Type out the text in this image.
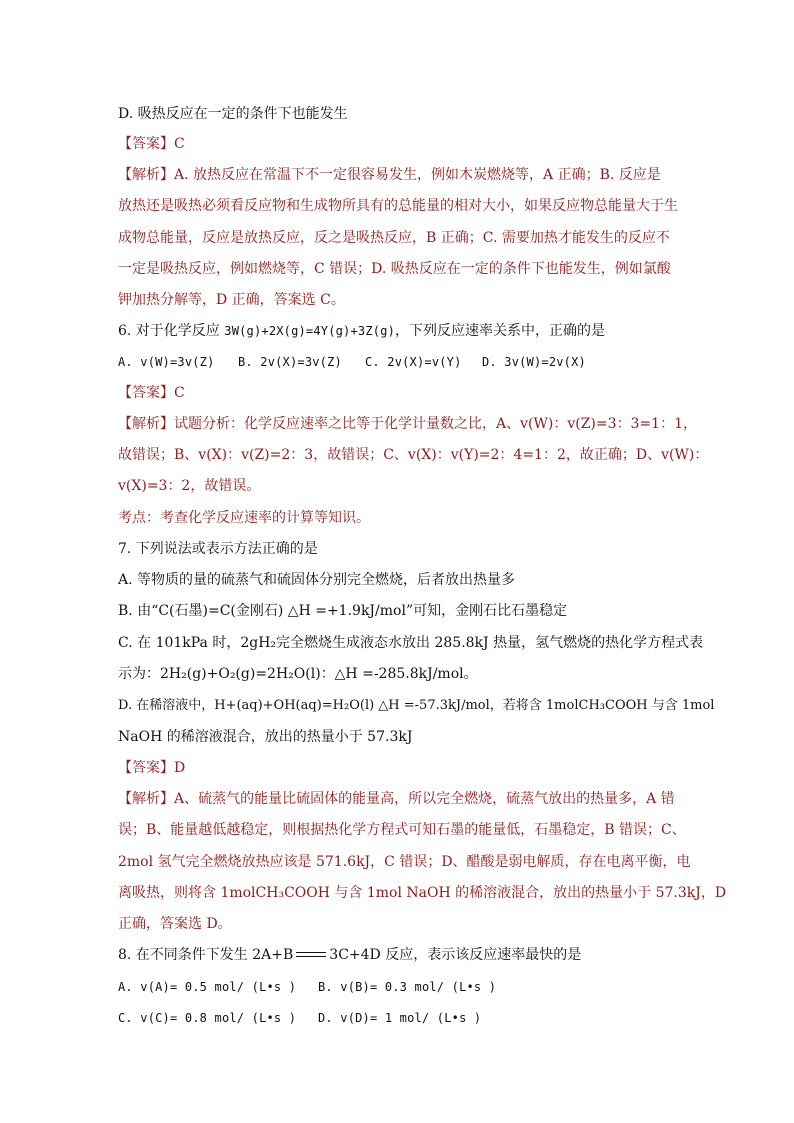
D. 吸热反应在一定的条件下也能发生
【答案】C
【解析】A. 放热反应在常温下不一定很容易发生，例如木炭燃烧等，A 正确；B. 反应是
放热还是吸热必须看反应物和生成物所具有的总能量的相对大小，如果反应物总能量大于生
成物总能量，反应是放热反应，反之是吸热反应，B 正确；C. 需要加热才能发生的反应不
一定是吸热反应，例如燃烧等，C 错误；D. 吸热反应在一定的条件下也能发生，例如氯酸
钾加热分解等，D 正确，答案选 C。
6. 对于化学反应 3W(g)+2X(g)=4Y(g)+3Z(g)，下列反应速率关系中，正确的是
A. v(W)=3v(Z) B. 2v(X)=3v(Z) C. 2v(X)=v(Y) D. 3v(W)=2v(X)
【答案】C
【解析】试题分析：化学反应速率之比等于化学计量数之比，A、v(W)：v(Z)=3：3=1：1，
故错误；B、v(X)：v(Z)=2：3，故错误；C、v(X)：v(Y)=2：4=1：2，故正确；D、v(W)：
v(X)=3：2，故错误。
考点：考查化学反应速率的计算等知识。
7. 下列说法或表示方法正确的是
A. 等物质的量的硫蒸气和硫固体分别完全燃烧，后者放出热量多
B. 由“C(石墨)=C(金刚石) △H =+1.9kJ/mol”可知，金刚石比石墨稳定
C. 在 101kPa 时，2gH₂完全燃烧生成液态水放出 285.8kJ 热量，氢气燃烧的热化学方程式表
示为：2H₂(g)+O₂(g)=2H₂O(l)：△H =-285.8kJ/mol。
D. 在稀溶液中，H+(aq)+OH(aq)=H₂O(l) △H =-57.3kJ/mol，若将含 1molCH₃COOH 与含 1mol
NaOH 的稀溶液混合，放出的热量小于 57.3kJ
【答案】D
【解析】A、硫蒸气的能量比硫固体的能量高，所以完全燃烧，硫蒸气放出的热量多，A 错
误；B、能量越低越稳定，则根据热化学方程式可知石墨的能量低，石墨稳定，B 错误；C、
2mol 氢气完全燃烧放热应该是 571.6kJ，C 错误；D、醋酸是弱电解质，存在电离平衡，电
离吸热，则将含 1molCH₃COOH 与含 1mol NaOH 的稀溶液混合，放出的热量小于 57.3kJ，D
正确，答案选 D。
8. 在不同条件下发生 2A+B	3C+4D 反应，表示该反应速率最快的是
A. v(A)= 0.5 mol/ (L•s ) B. v(B)= 0.3 mol/ (L•s )
C. v(C)= 0.8 mol/ (L•s ) D. v(D)= 1 mol/ (L•s )
